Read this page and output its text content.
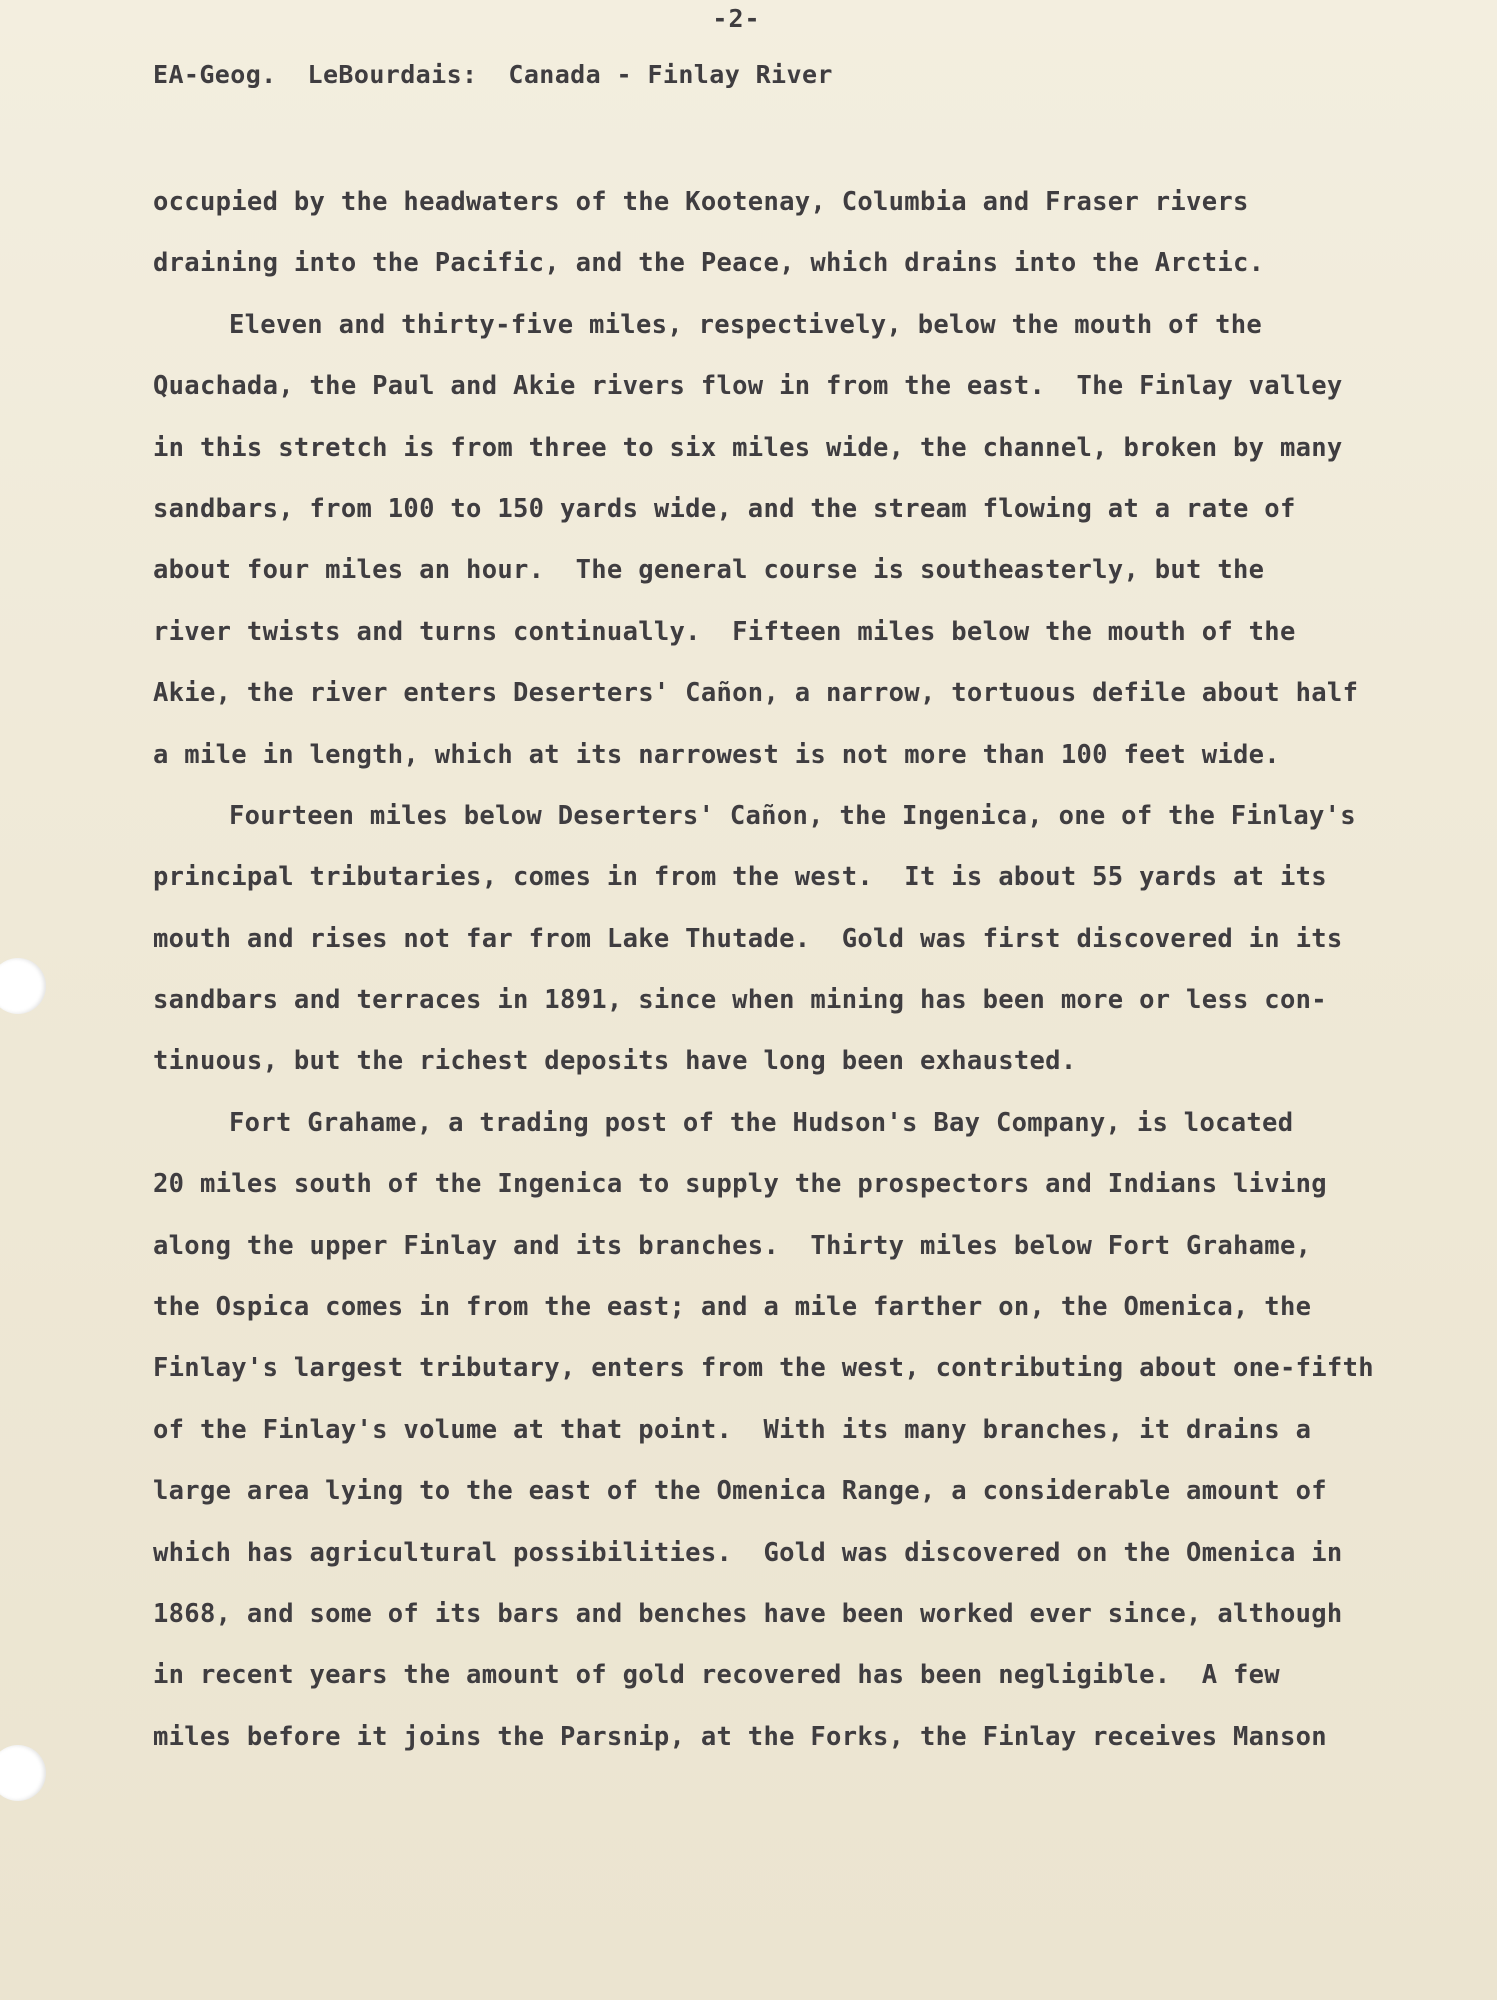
-2-
EA-Geog.  LeBourdais:  Canada - Finlay River
occupied by the headwaters of the Kootenay, Columbia and Fraser rivers
draining into the Pacific, and the Peace, which drains into the Arctic.
Eleven and thirty-five miles, respectively, below the mouth of the
Quachada, the Paul and Akie rivers flow in from the east.  The Finlay valley
in this stretch is from three to six miles wide, the channel, broken by many
sandbars, from 100 to 150 yards wide, and the stream flowing at a rate of
about four miles an hour.  The general course is southeasterly, but the
river twists and turns continually.  Fifteen miles below the mouth of the
Akie, the river enters Deserters' Cañon, a narrow, tortuous defile about half
a mile in length, which at its narrowest is not more than 100 feet wide.
Fourteen miles below Deserters' Cañon, the Ingenica, one of the Finlay's
principal tributaries, comes in from the west.  It is about 55 yards at its
mouth and rises not far from Lake Thutade.  Gold was first discovered in its
sandbars and terraces in 1891, since when mining has been more or less con-
tinuous, but the richest deposits have long been exhausted.
Fort Grahame, a trading post of the Hudson's Bay Company, is located
20 miles south of the Ingenica to supply the prospectors and Indians living
along the upper Finlay and its branches.  Thirty miles below Fort Grahame,
the Ospica comes in from the east; and a mile farther on, the Omenica, the
Finlay's largest tributary, enters from the west, contributing about one-fifth
of the Finlay's volume at that point.  With its many branches, it drains a
large area lying to the east of the Omenica Range, a considerable amount of
which has agricultural possibilities.  Gold was discovered on the Omenica in
1868, and some of its bars and benches have been worked ever since, although
in recent years the amount of gold recovered has been negligible.  A few
miles before it joins the Parsnip, at the Forks, the Finlay receives Manson
